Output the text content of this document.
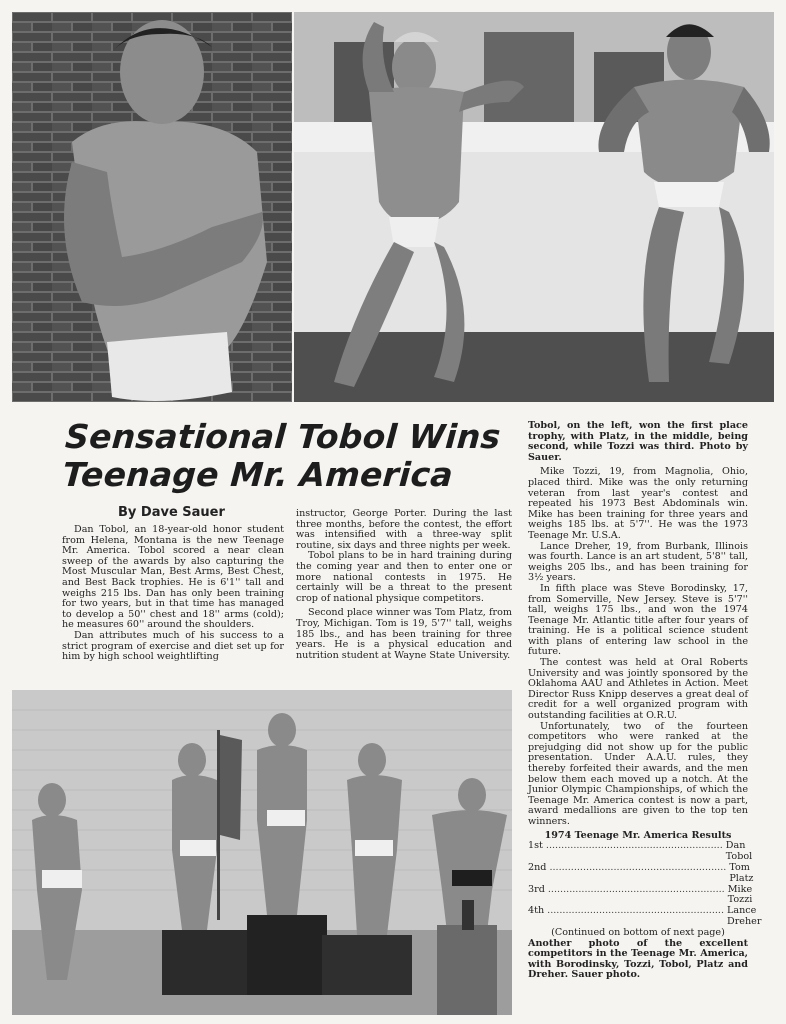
Sensational Tobol Wins
Teenage Mr. America
By Dave Sauer

Dan Tobol, an 18-year-old honor student from Helena, Montana is the new Teenage Mr. America. Tobol scored a near clean sweep of the awards by also capturing the Most Muscular Man, Best Arms, Best Chest, and Best Back trophies. He is 6'1'' tall and weighs 215 lbs. Dan has only been training for two years, but in that time has managed to develop a 50'' chest and 18'' arms (cold); he measures 60'' around the shoulders.

Dan attributes much of his success to a strict program of exercise and diet set up for him by high school weightlifting

instructor, George Porter. During the last three months, before the contest, the effort was intensified with a three-way split routine, six days and three nights per week.

Tobol plans to be in hard training during the coming year and then to enter one or more national contests in 1975. He certainly will be a threat to the present crop of national physique competitors.

Second place winner was Tom Platz, from Troy, Michigan. Tom is 19, 5'7'' tall, weighs 185 lbs., and has been training for three years. He is a physical education and nutrition student at Wayne State University.

Tobol, on the left, won the first place trophy, with Platz, in the middle, being second, while Tozzi was third. Photo by Sauer.

Mike Tozzi, 19, from Magnolia, Ohio, placed third. Mike was the only returning veteran from last year's contest and repeated his 1973 Best Abdominals win. Mike has been training for three years and weighs 185 lbs. at 5'7''. He was the 1973 Teenage Mr. U.S.A.

Lance Dreher, 19, from Burbank, Illinois was fourth. Lance is an art student, 5'8'' tall, weighs 205 lbs., and has been training for 3½ years.

In fifth place was Steve Borodinsky, 17, from Somerville, New Jersey. Steve is 5'7'' tall, weighs 175 lbs., and won the 1974 Teenage Mr. Atlantic title after four years of training. He is a political science student with plans of entering law school in the future.

The contest was held at Oral Roberts University and was jointly sponsored by the Oklahoma AAU and Athletes in Action. Meet Director Russ Knipp deserves a great deal of credit for a well organized program with outstanding facilities at O.R.U.

Unfortunately, two of the fourteen competitors who were ranked at the prejudging did not show up for the public presentation. Under A.A.U. rules, they thereby forfeited their awards, and the men below them each moved up a notch. At the Junior Olympic Championships, of which the Teenage Mr. America contest is now a part, award medallions are given to the top ten winners.

1974 Teenage Mr. America Results
1st .......................................................... Dan Tobol
2nd .......................................................... Tom Platz
3rd .......................................................... Mike Tozzi
4th .......................................................... Lance Dreher
(Continued on bottom of next page)

Another photo of the excellent competitors in the Teenage Mr. America, with Borodinsky, Tozzi, Tobol, Platz and Dreher. Sauer photo.
